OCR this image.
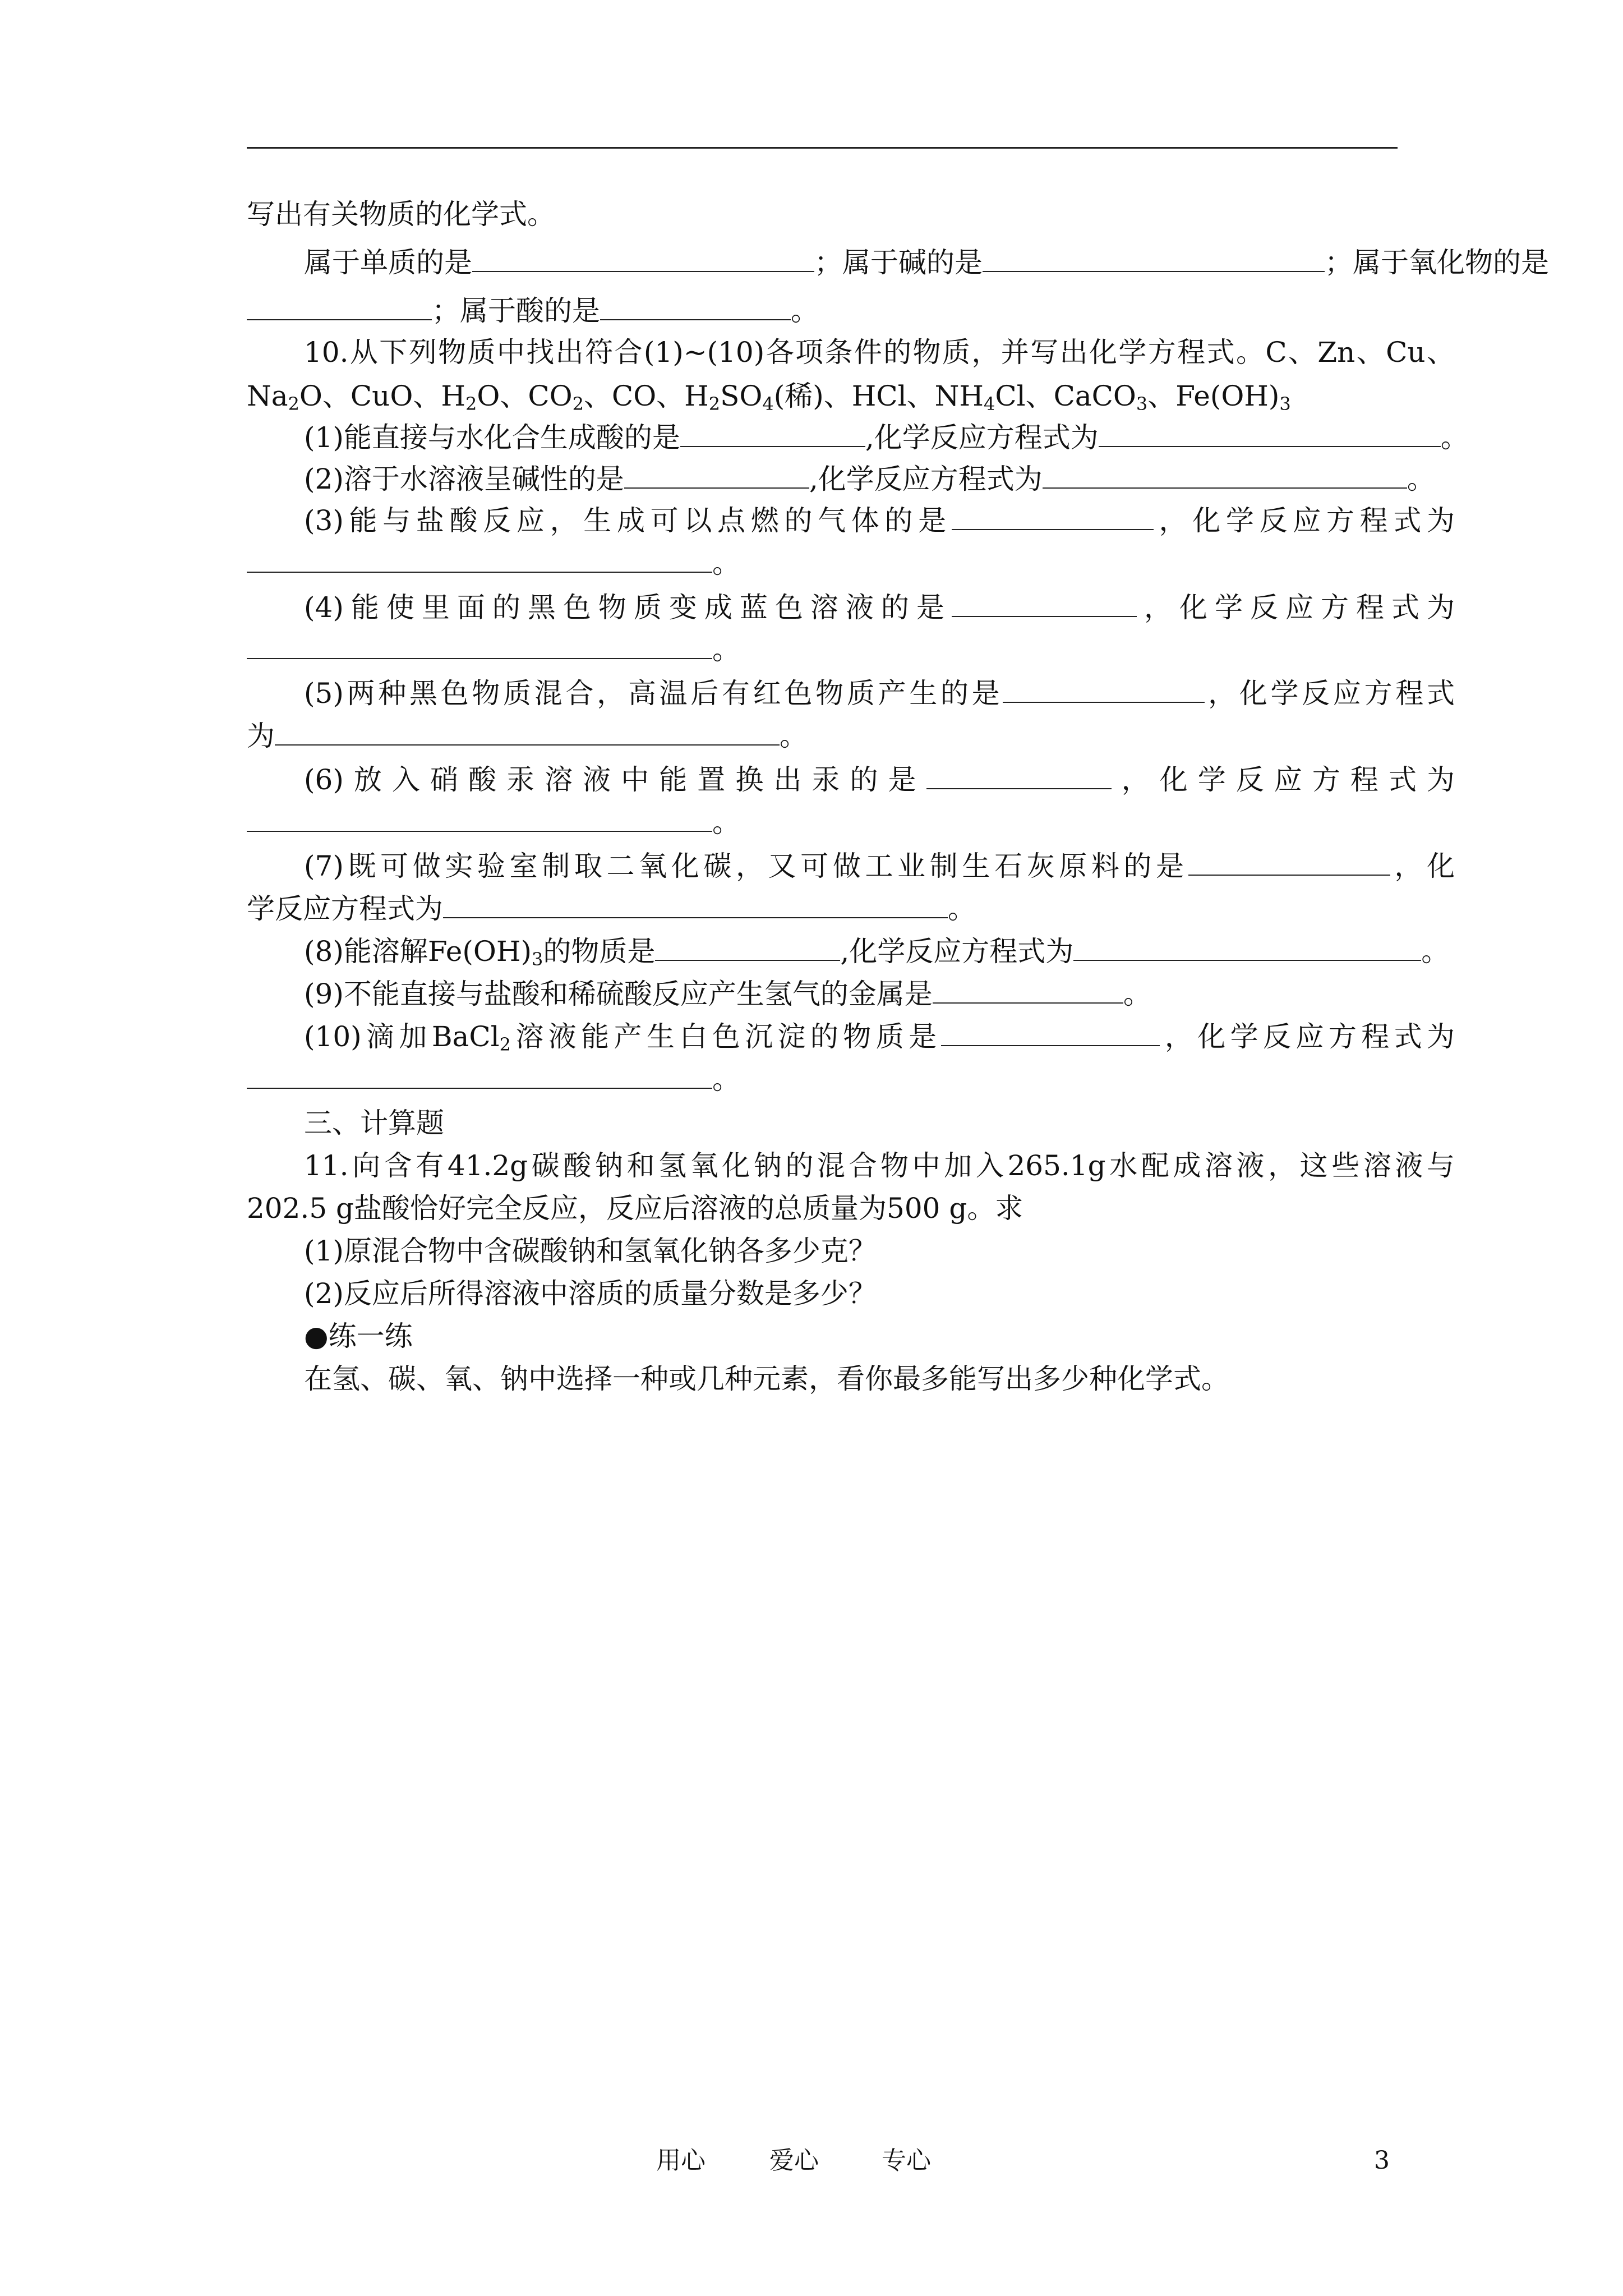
写出有关物质的化学式。
属于单质的是	；属于碱的是	；属于氧化物的是
；属于酸的是	。
10.从下列物质中找出符合(1)~(10)各项条件的物质，并写出化学方程式。C、Zn、Cu、
$Na_2O$、CuO、$H_2O$、$CO_2$、CO、$H_2SO_4$(稀)、HCl、$NH_4Cl$、CaCO$_3$、$Fe(OH)_3$
(1)能直接与水化合生成酸的是	,化学反应方程式为	。
(2)溶于水溶液呈碱性的是	,化学反应方程式为	。
(3)能与盐酸反应，生成可以点燃的气体的是	，化学反应方程式为
。
(4)能使里面的黑色物质变成蓝色溶液的是	，化学反应方程式为
。
(5)两种黑色物质混合，高温后有红色物质产生的是	，化学反应方程式
为	。
(6)放入硝酸汞溶液中能置换出汞的是	，化学反应方程式为
。
(7)既可做实验室制取二氧化碳，又可做工业制生石灰原料的是	，化
学反应方程式为	。
(8)能溶解$Fe(OH)_3$的物质是	,化学反应方程式为	。
(9)不能直接与盐酸和稀硫酸反应产生氢气的金属是	。
(10)滴加BaCl$_2$溶液能产生白色沉淀的物质是	，化学反应方程式为
。
三、计算题
11.向含有41.2g碳酸钠和氢氧化钠的混合物中加入265.1g水配成溶液，这些溶液与
202.5 g盐酸恰好完全反应，反应后溶液的总质量为500 g。求
(1)原混合物中含碳酸钠和氢氧化钠各多少克？
(2)反应后所得溶液中溶质的质量分数是多少？
●练一练
在氢、碳、氧、钠中选择一种或几种元素，看你最多能写出多少种化学式。
用心	爱心	专心	3
